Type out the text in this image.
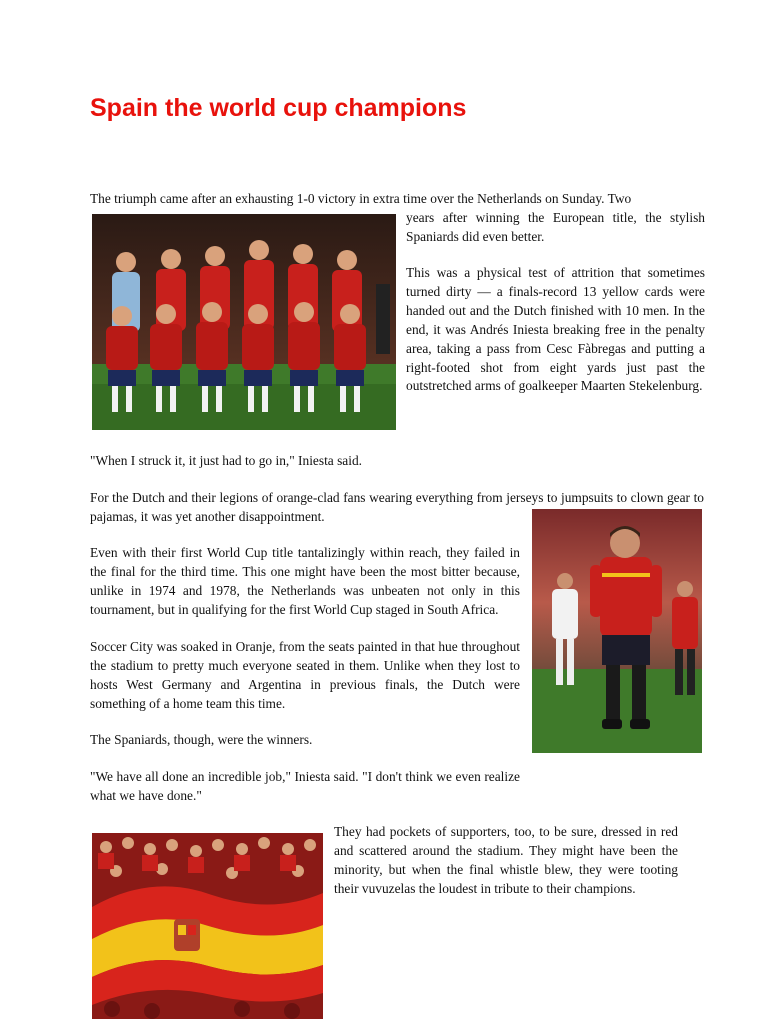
Spain the world cup champions

The triumph came after an exhausting 1-0 victory in extra time over the Netherlands on Sunday. Two

years after winning the European title, the stylish Spaniards did even better.

This was a physical test of attrition that sometimes turned dirty — a finals-record 13 yellow cards were handed out and the Dutch finished with 10 men. In the end, it was Andrés Iniesta breaking free in the penalty area, taking a pass from Cesc Fàbregas and putting a right-footed shot from eight yards just past the outstretched arms of goalkeeper Maarten Stekelenburg.

"When I struck it, it just had to go in," Iniesta said.

For the Dutch and their legions of orange-clad fans wearing everything from jerseys to jumpsuits to clown gear to pajamas, it was yet another disappointment.

Even with their first World Cup title tantalizingly within reach, they failed in the final for the third time. This one might have been the most bitter because, unlike in 1974 and 1978, the Netherlands was unbeaten not only in this tournament, but in qualifying for the first World Cup staged in South Africa.

Soccer City was soaked in Oranje, from the seats painted in that hue throughout the stadium to pretty much everyone seated in them. Unlike when they lost to hosts West Germany and Argentina in previous finals, the Dutch were something of a home team this time.

The Spaniards, though, were the winners.

"We have all done an incredible job," Iniesta said. "I don't think we even realize what we have done."

They had pockets of supporters, too, to be sure, dressed in red and scattered around the stadium. They might have been the minority, but when the final whistle blew, they were tooting their vuvuzelas the loudest in tribute to their champions.
